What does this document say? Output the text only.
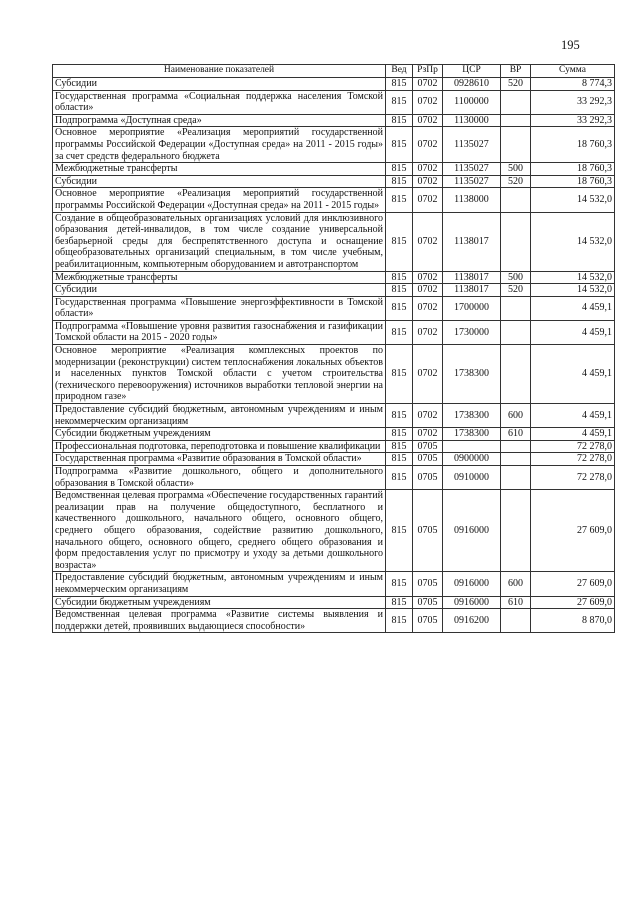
195
Наименование показателей	Вед	РзПр	ЦСР	ВР	Сумма
Субсидии	815	0702	0928610	520	8 774,3
Государственная программа «Социальная поддержка населения Томской области»	815	0702	1100000		33 292,3
Подпрограмма «Доступная среда»	815	0702	1130000		33 292,3
Основное мероприятие «Реализация мероприятий государственной программы Российской Федерации «Доступная среда» на 2011 - 2015 годы» за счет средств федерального бюджета	815	0702	1135027		18 760,3
Межбюджетные трансферты	815	0702	1135027	500	18 760,3
Субсидии	815	0702	1135027	520	18 760,3
Основное мероприятие «Реализация мероприятий государственной программы Российской Федерации «Доступная среда» на 2011 - 2015 годы»	815	0702	1138000		14 532,0
Создание в общеобразовательных организациях условий для инклюзивного образования детей-инвалидов, в том числе создание универсальной безбарьерной среды для беспрепятственного доступа и оснащение общеобразовательных организаций специальным, в том числе учебным, реабилитационным, компьютерным оборудованием и автотранспортом	815	0702	1138017		14 532,0
Межбюджетные трансферты	815	0702	1138017	500	14 532,0
Субсидии	815	0702	1138017	520	14 532,0
Государственная программа «Повышение энергоэффективности в Томской области»	815	0702	1700000		4 459,1
Подпрограмма «Повышение уровня развития газоснабжения и газификации Томской области на 2015 - 2020 годы»	815	0702	1730000		4 459,1
Основное мероприятие «Реализация комплексных проектов по модернизации (реконструкции) систем теплоснабжения локальных объектов и населенных пунктов Томской области с учетом строительства (технического перевооружения) источников выработки тепловой энергии на природном газе»	815	0702	1738300		4 459,1
Предоставление субсидий бюджетным, автономным учреждениям и иным некоммерческим организациям	815	0702	1738300	600	4 459,1
Субсидии бюджетным учреждениям	815	0702	1738300	610	4 459,1
Профессиональная подготовка, переподготовка и повышение квалификации	815	0705			72 278,0
Государственная программа «Развитие образования в Томской области»	815	0705	0900000		72 278,0
Подпрограмма «Развитие дошкольного, общего и дополнительного образования в Томской области»	815	0705	0910000		72 278,0
Ведомственная целевая программа «Обеспечение государственных гарантий реализации прав на получение общедоступного, бесплатного и качественного дошкольного, начального общего, основного общего, среднего общего образования, содействие развитию дошкольного, начального общего, основного общего, среднего общего образования и форм предоставления услуг по присмотру и уходу за детьми дошкольного возраста»	815	0705	0916000		27 609,0
Предоставление субсидий бюджетным, автономным учреждениям и иным некоммерческим организациям	815	0705	0916000	600	27 609,0
Субсидии бюджетным учреждениям	815	0705	0916000	610	27 609,0
Ведомственная целевая программа «Развитие системы выявления и поддержки детей, проявивших выдающиеся способности»	815	0705	0916200		8 870,0
